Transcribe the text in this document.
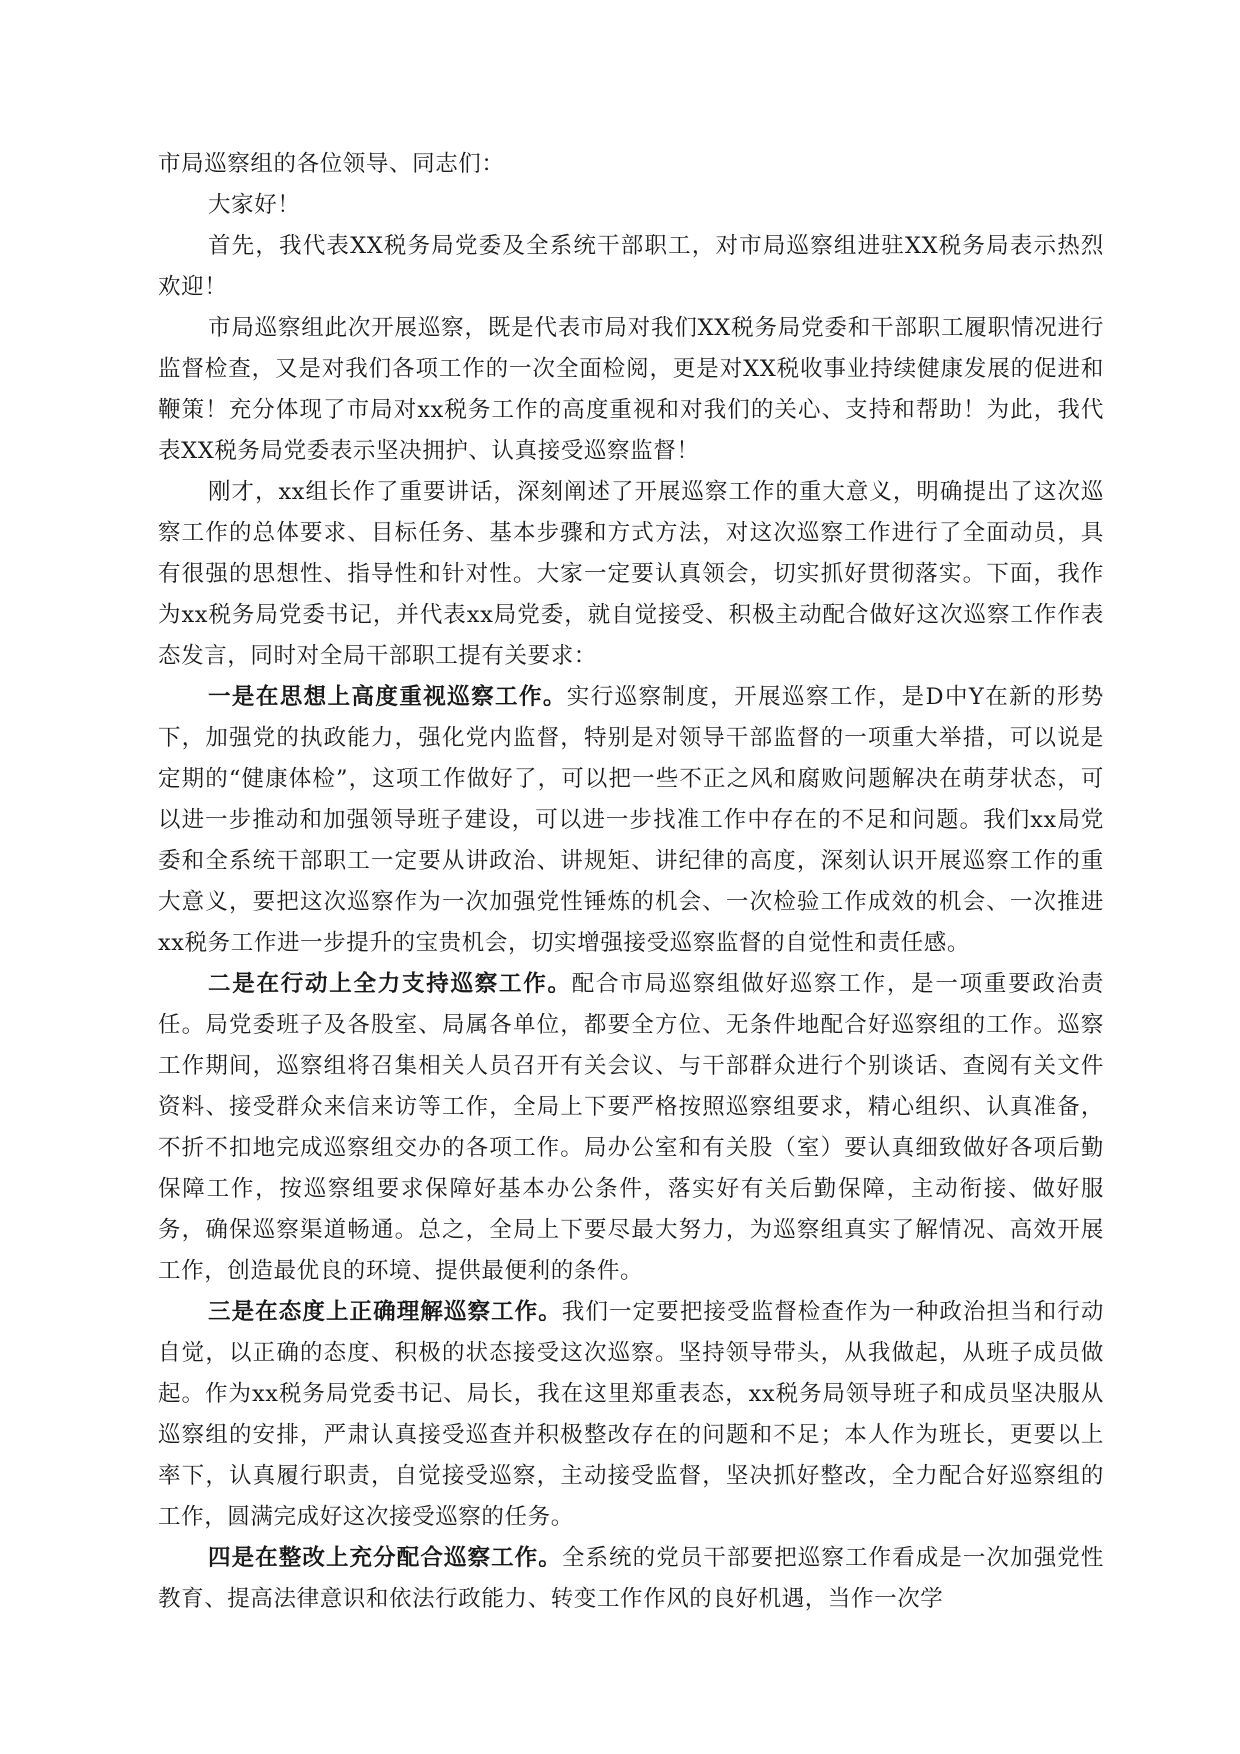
市局巡察组的各位领导、同志们：

大家好！

首先，我代表XX税务局党委及全系统干部职工，对市局巡察组进驻XX税务局表示热烈欢迎！

市局巡察组此次开展巡察，既是代表市局对我们XX税务局党委和干部职工履职情况进行监督检查，又是对我们各项工作的一次全面检阅，更是对XX税收事业持续健康发展的促进和鞭策！充分体现了市局对xx税务工作的高度重视和对我们的关心、支持和帮助！为此，我代表XX税务局党委表示坚决拥护、认真接受巡察监督！

刚才，xx组长作了重要讲话，深刻阐述了开展巡察工作的重大意义，明确提出了这次巡察工作的总体要求、目标任务、基本步骤和方式方法，对这次巡察工作进行了全面动员，具有很强的思想性、指导性和针对性。大家一定要认真领会，切实抓好贯彻落实。下面，我作为xx税务局党委书记，并代表xx局党委，就自觉接受、积极主动配合做好这次巡察工作作表态发言，同时对全局干部职工提有关要求：

一是在思想上高度重视巡察工作。实行巡察制度，开展巡察工作，是D中Y在新的形势下，加强党的执政能力，强化党内监督，特别是对领导干部监督的一项重大举措，可以说是定期的“健康体检”，这项工作做好了，可以把一些不正之风和腐败问题解决在萌芽状态，可以进一步推动和加强领导班子建设，可以进一步找准工作中存在的不足和问题。我们xx局党委和全系统干部职工一定要从讲政治、讲规矩、讲纪律的高度，深刻认识开展巡察工作的重大意义，要把这次巡察作为一次加强党性锤炼的机会、一次检验工作成效的机会、一次推进xx税务工作进一步提升的宝贵机会，切实增强接受巡察监督的自觉性和责任感。

二是在行动上全力支持巡察工作。配合市局巡察组做好巡察工作，是一项重要政治责任。局党委班子及各股室、局属各单位，都要全方位、无条件地配合好巡察组的工作。巡察工作期间，巡察组将召集相关人员召开有关会议、与干部群众进行个别谈话、查阅有关文件资料、接受群众来信来访等工作，全局上下要严格按照巡察组要求，精心组织、认真准备，不折不扣地完成巡察组交办的各项工作。局办公室和有关股（室）要认真细致做好各项后勤保障工作，按巡察组要求保障好基本办公条件，落实好有关后勤保障，主动衔接、做好服务，确保巡察渠道畅通。总之，全局上下要尽最大努力，为巡察组真实了解情况、高效开展工作，创造最优良的环境、提供最便利的条件。

三是在态度上正确理解巡察工作。我们一定要把接受监督检查作为一种政治担当和行动自觉，以正确的态度、积极的状态接受这次巡察。坚持领导带头，从我做起，从班子成员做起。作为xx税务局党委书记、局长，我在这里郑重表态，xx税务局领导班子和成员坚决服从巡察组的安排，严肃认真接受巡查并积极整改存在的问题和不足；本人作为班长，更要以上率下，认真履行职责，自觉接受巡察，主动接受监督，坚决抓好整改，全力配合好巡察组的工作，圆满完成好这次接受巡察的任务。

四是在整改上充分配合巡察工作。全系统的党员干部要把巡察工作看成是一次加强党性教育、提高法律意识和依法行政能力、转变工作作风的良好机遇，当作一次学
